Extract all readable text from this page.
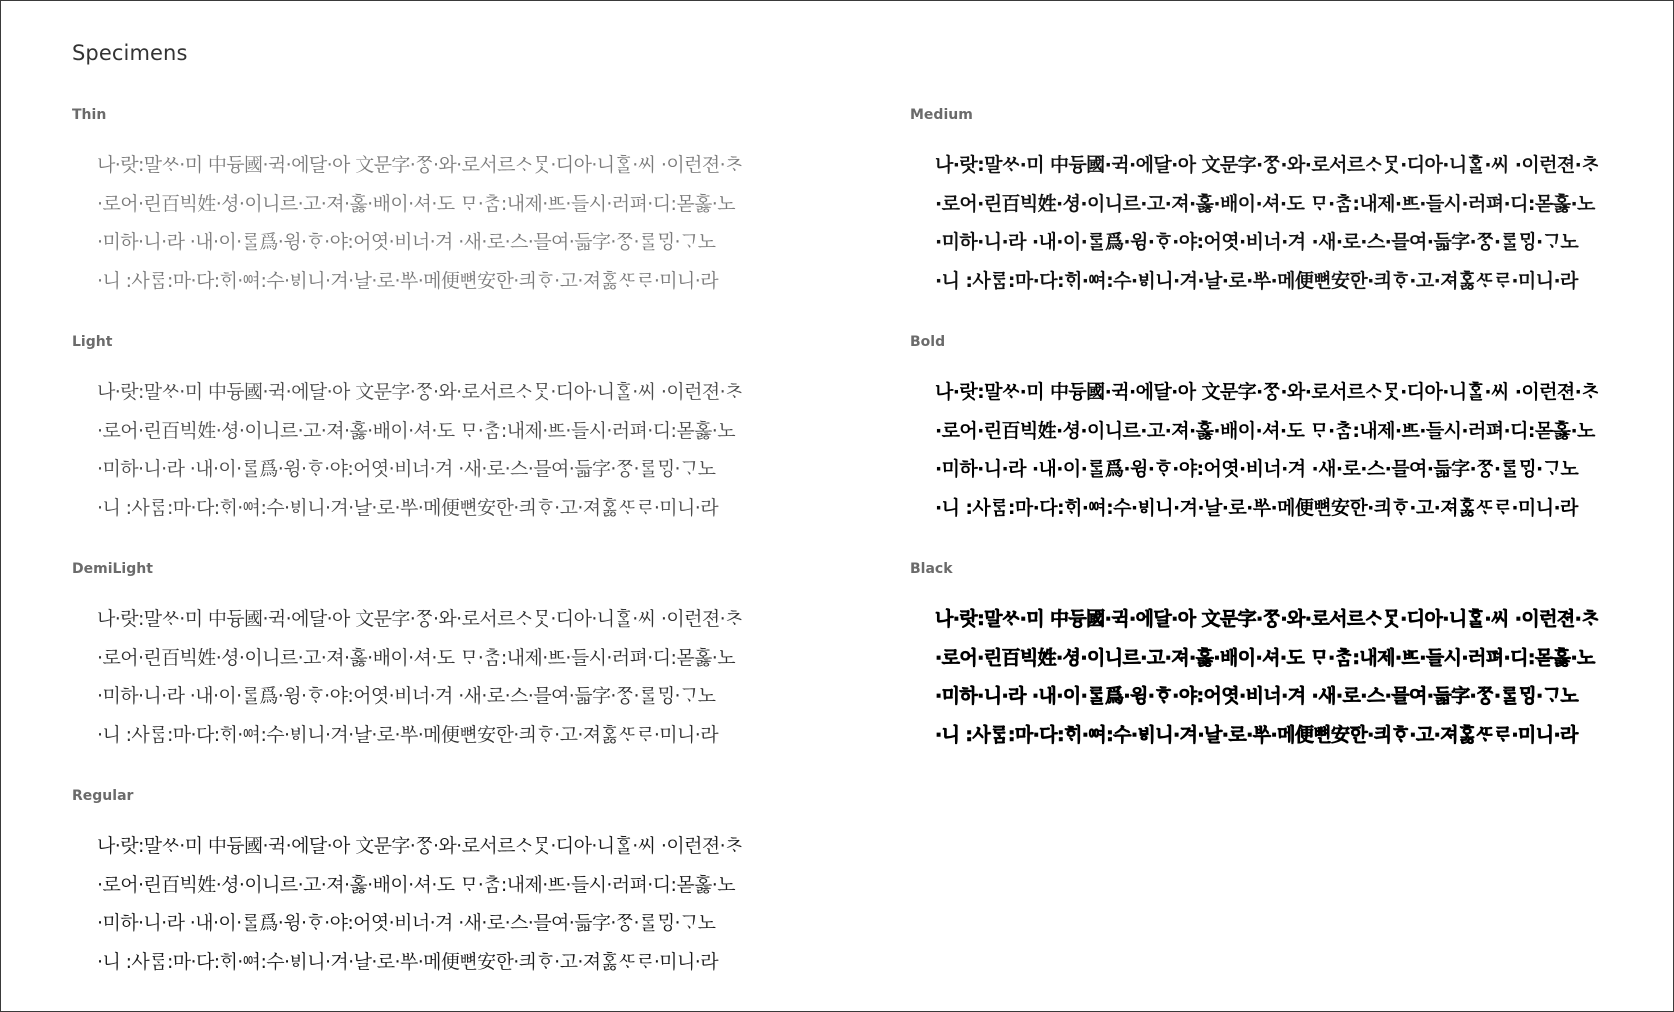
Specimens
Thin
나·랏:말ᄊᆞ·미 中듕國·귁·에달·아 文문字·ᄍᆞᆼ·와·로서르ᄉᆞᄆᆞᆺ·디아·니ᄒᆞᆯ·씨 ·이런젼·ᄎᆞ
·로어·린百빅姓·셩·이니르·고·져·홇·배이·셔·도 ᄆᆞ·ᄎᆞᆷ:내제·ᄠᅳ·들시·러펴·디:몯홇·노
·미하·니·라 ·내·이·ᄅᆞᆯ爲·윙·ᄒᆞ·야:어엿·비너·겨 ·새·로·스·믈여·듧字·ᄍᆞᆼ·ᄅᆞᆯᄆᆡᆼ·ᄀᆞ노
·니 :사ᄅᆞᆷ:마·다:ᄒᆡ·ᅇᅧ:수·ᄫᅵ니·겨·날·로·ᄡᅮ·메便뼌安ᅙᅡᆫ·킈ᄒᆞ·고·져ᄒᆞᇙᄯᆞᄅᆞ·미니·라
Light
나·랏:말ᄊᆞ·미 中듕國·귁·에달·아 文문字·ᄍᆞᆼ·와·로서르ᄉᆞᄆᆞᆺ·디아·니ᄒᆞᆯ·씨 ·이런젼·ᄎᆞ
·로어·린百빅姓·셩·이니르·고·져·홇·배이·셔·도 ᄆᆞ·ᄎᆞᆷ:내제·ᄠᅳ·들시·러펴·디:몯홇·노
·미하·니·라 ·내·이·ᄅᆞᆯ爲·윙·ᄒᆞ·야:어엿·비너·겨 ·새·로·스·믈여·듧字·ᄍᆞᆼ·ᄅᆞᆯᄆᆡᆼ·ᄀᆞ노
·니 :사ᄅᆞᆷ:마·다:ᄒᆡ·ᅇᅧ:수·ᄫᅵ니·겨·날·로·ᄡᅮ·메便뼌安ᅙᅡᆫ·킈ᄒᆞ·고·져ᄒᆞᇙᄯᆞᄅᆞ·미니·라
DemiLight
나·랏:말ᄊᆞ·미 中듕國·귁·에달·아 文문字·ᄍᆞᆼ·와·로서르ᄉᆞᄆᆞᆺ·디아·니ᄒᆞᆯ·씨 ·이런젼·ᄎᆞ
·로어·린百빅姓·셩·이니르·고·져·홇·배이·셔·도 ᄆᆞ·ᄎᆞᆷ:내제·ᄠᅳ·들시·러펴·디:몯홇·노
·미하·니·라 ·내·이·ᄅᆞᆯ爲·윙·ᄒᆞ·야:어엿·비너·겨 ·새·로·스·믈여·듧字·ᄍᆞᆼ·ᄅᆞᆯᄆᆡᆼ·ᄀᆞ노
·니 :사ᄅᆞᆷ:마·다:ᄒᆡ·ᅇᅧ:수·ᄫᅵ니·겨·날·로·ᄡᅮ·메便뼌安ᅙᅡᆫ·킈ᄒᆞ·고·져ᄒᆞᇙᄯᆞᄅᆞ·미니·라
Regular
나·랏:말ᄊᆞ·미 中듕國·귁·에달·아 文문字·ᄍᆞᆼ·와·로서르ᄉᆞᄆᆞᆺ·디아·니ᄒᆞᆯ·씨 ·이런젼·ᄎᆞ
·로어·린百빅姓·셩·이니르·고·져·홇·배이·셔·도 ᄆᆞ·ᄎᆞᆷ:내제·ᄠᅳ·들시·러펴·디:몯홇·노
·미하·니·라 ·내·이·ᄅᆞᆯ爲·윙·ᄒᆞ·야:어엿·비너·겨 ·새·로·스·믈여·듧字·ᄍᆞᆼ·ᄅᆞᆯᄆᆡᆼ·ᄀᆞ노
·니 :사ᄅᆞᆷ:마·다:ᄒᆡ·ᅇᅧ:수·ᄫᅵ니·겨·날·로·ᄡᅮ·메便뼌安ᅙᅡᆫ·킈ᄒᆞ·고·져ᄒᆞᇙᄯᆞᄅᆞ·미니·라
Medium
나·랏:말ᄊᆞ·미 中듕國·귁·에달·아 文문字·ᄍᆞᆼ·와·로서르ᄉᆞᄆᆞᆺ·디아·니ᄒᆞᆯ·씨 ·이런젼·ᄎᆞ
·로어·린百빅姓·셩·이니르·고·져·홇·배이·셔·도 ᄆᆞ·ᄎᆞᆷ:내제·ᄠᅳ·들시·러펴·디:몯홇·노
·미하·니·라 ·내·이·ᄅᆞᆯ爲·윙·ᄒᆞ·야:어엿·비너·겨 ·새·로·스·믈여·듧字·ᄍᆞᆼ·ᄅᆞᆯᄆᆡᆼ·ᄀᆞ노
·니 :사ᄅᆞᆷ:마·다:ᄒᆡ·ᅇᅧ:수·ᄫᅵ니·겨·날·로·ᄡᅮ·메便뼌安ᅙᅡᆫ·킈ᄒᆞ·고·져ᄒᆞᇙᄯᆞᄅᆞ·미니·라
Bold
나·랏:말ᄊᆞ·미 中듕國·귁·에달·아 文문字·ᄍᆞᆼ·와·로서르ᄉᆞᄆᆞᆺ·디아·니ᄒᆞᆯ·씨 ·이런젼·ᄎᆞ
·로어·린百빅姓·셩·이니르·고·져·홇·배이·셔·도 ᄆᆞ·ᄎᆞᆷ:내제·ᄠᅳ·들시·러펴·디:몯홇·노
·미하·니·라 ·내·이·ᄅᆞᆯ爲·윙·ᄒᆞ·야:어엿·비너·겨 ·새·로·스·믈여·듧字·ᄍᆞᆼ·ᄅᆞᆯᄆᆡᆼ·ᄀᆞ노
·니 :사ᄅᆞᆷ:마·다:ᄒᆡ·ᅇᅧ:수·ᄫᅵ니·겨·날·로·ᄡᅮ·메便뼌安ᅙᅡᆫ·킈ᄒᆞ·고·져ᄒᆞᇙᄯᆞᄅᆞ·미니·라
Black
나·랏:말ᄊᆞ·미 中듕國·귁·에달·아 文문字·ᄍᆞᆼ·와·로서르ᄉᆞᄆᆞᆺ·디아·니ᄒᆞᆯ·씨 ·이런젼·ᄎᆞ
·로어·린百빅姓·셩·이니르·고·져·홇·배이·셔·도 ᄆᆞ·ᄎᆞᆷ:내제·ᄠᅳ·들시·러펴·디:몯홇·노
·미하·니·라 ·내·이·ᄅᆞᆯ爲·윙·ᄒᆞ·야:어엿·비너·겨 ·새·로·스·믈여·듧字·ᄍᆞᆼ·ᄅᆞᆯᄆᆡᆼ·ᄀᆞ노
·니 :사ᄅᆞᆷ:마·다:ᄒᆡ·ᅇᅧ:수·ᄫᅵ니·겨·날·로·ᄡᅮ·메便뼌安ᅙᅡᆫ·킈ᄒᆞ·고·져ᄒᆞᇙᄯᆞᄅᆞ·미니·라
